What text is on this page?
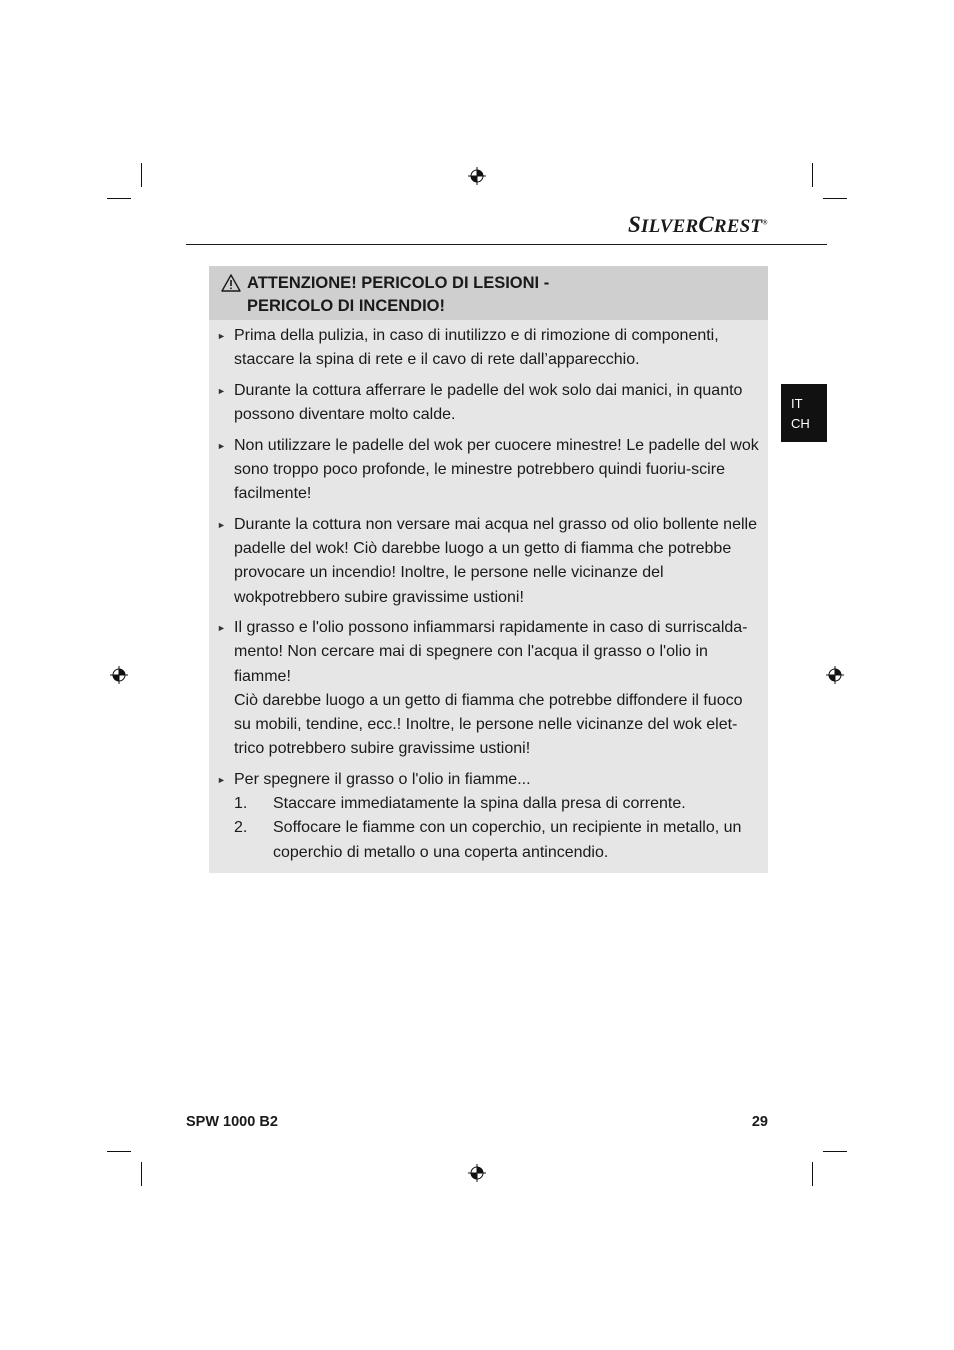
SILVERCREST®
IT
CH
ATTENZIONE! PERICOLO DI LESIONI -
PERICOLO DI INCENDIO!
► Prima della pulizia, in caso di inutilizzo e di rimozione di componenti, staccare la spina di rete e il cavo di rete dall’apparecchio.
► Durante la cottura afferrare le padelle del wok solo dai manici, in quanto possono diventare molto calde.
► Non utilizzare le padelle del wok per cuocere minestre! Le padelle del wok sono troppo poco profonde, le minestre potrebbero quindi fuoriu-scire facilmente!
► Durante la cottura non versare mai acqua nel grasso od olio bollente nelle padelle del wok! Ciò darebbe luogo a un getto di fiamma che potrebbe provocare un incendio! Inoltre, le persone nelle vicinanze del wokpotrebbero subire gravissime ustioni!
► Il grasso e l'olio possono infiammarsi rapidamente in caso di surriscalda-mento! Non cercare mai di spegnere con l'acqua il grasso o l'olio in fiamme!
Ciò darebbe luogo a un getto di fiamma che potrebbe diffondere il fuoco su mobili, tendine, ecc.! Inoltre, le persone nelle vicinanze del wok elet-trico potrebbero subire gravissime ustioni!
► Per spegnere il grasso o l'olio in fiamme...
1. Staccare immediatamente la spina dalla presa di corrente.
2. Soffocare le fiamme con un coperchio, un recipiente in metallo, un coperchio di metallo o una coperta antincendio.
SPW 1000 B2	29
